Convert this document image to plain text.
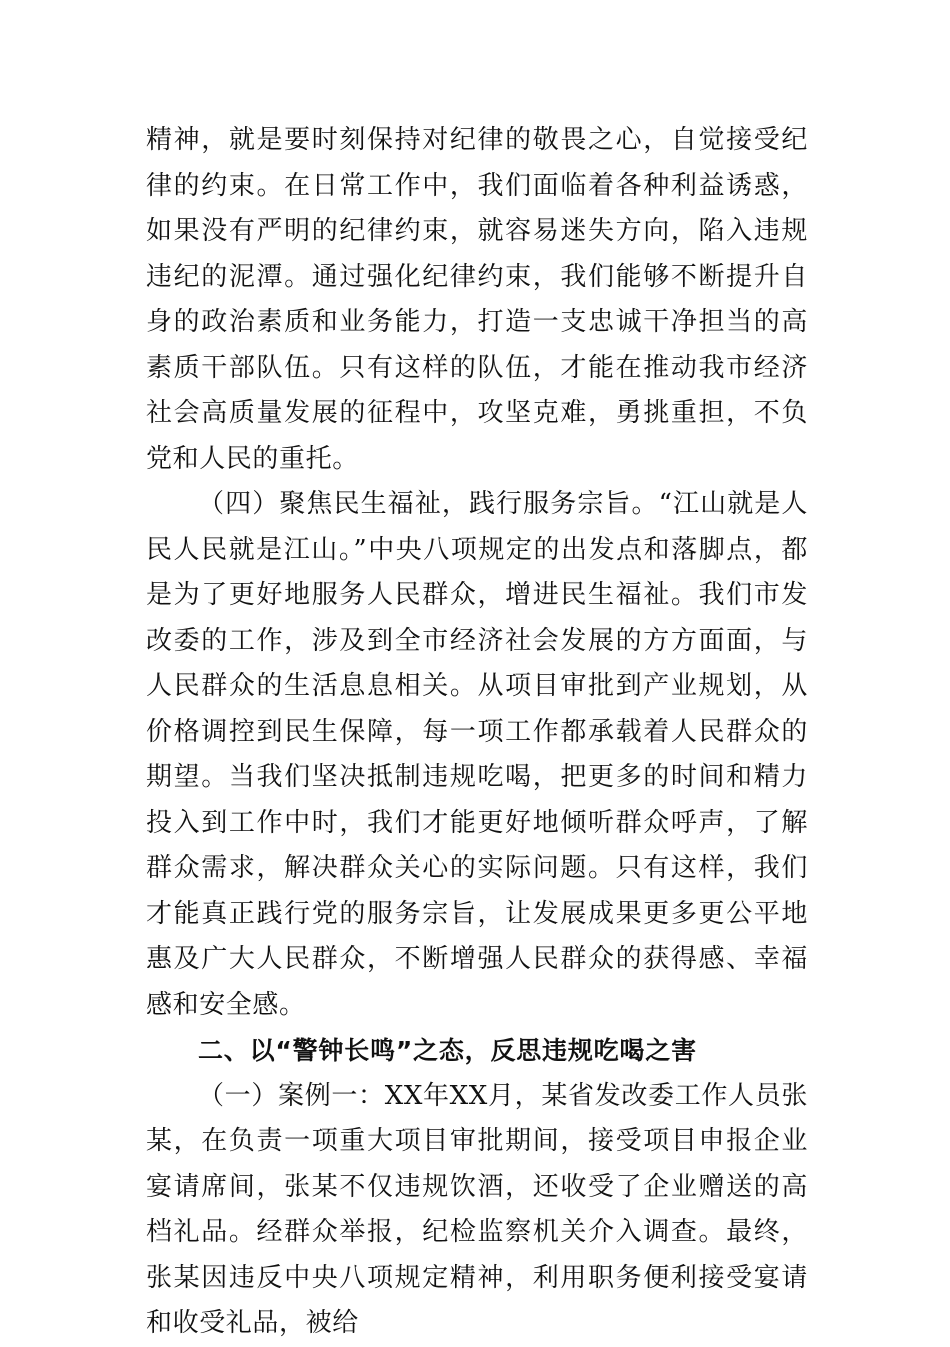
精神，就是要时刻保持对纪律的敬畏之心，自觉接受纪律的约束。在日常工作中，我们面临着各种利益诱惑，如果没有严明的纪律约束，就容易迷失方向，陷入违规违纪的泥潭。通过强化纪律约束，我们能够不断提升自身的政治素质和业务能力，打造一支忠诚干净担当的高素质干部队伍。只有这样的队伍，才能在推动我市经济社会高质量发展的征程中，攻坚克难，勇挑重担，不负党和人民的重托。

（四）聚焦民生福祉，践行服务宗旨。“江山就是人民人民就是江山。”中央八项规定的出发点和落脚点，都是为了更好地服务人民群众，增进民生福祉。我们市发改委的工作，涉及到全市经济社会发展的方方面面，与人民群众的生活息息相关。从项目审批到产业规划，从价格调控到民生保障，每一项工作都承载着人民群众的期望。当我们坚决抵制违规吃喝，把更多的时间和精力投入到工作中时，我们才能更好地倾听群众呼声，了解群众需求，解决群众关心的实际问题。只有这样，我们才能真正践行党的服务宗旨，让发展成果更多更公平地惠及广大人民群众，不断增强人民群众的获得感、幸福感和安全感。

二、以“警钟长鸣”之态，反思违规吃喝之害

（一）案例一：XX年XX月，某省发改委工作人员张某，在负责一项重大项目审批期间，接受项目申报企业宴请席间，张某不仅违规饮酒，还收受了企业赠送的高档礼品。经群众举报，纪检监察机关介入调查。最终，张某因违反中央八项规定精神，利用职务便利接受宴请和收受礼品，被给
